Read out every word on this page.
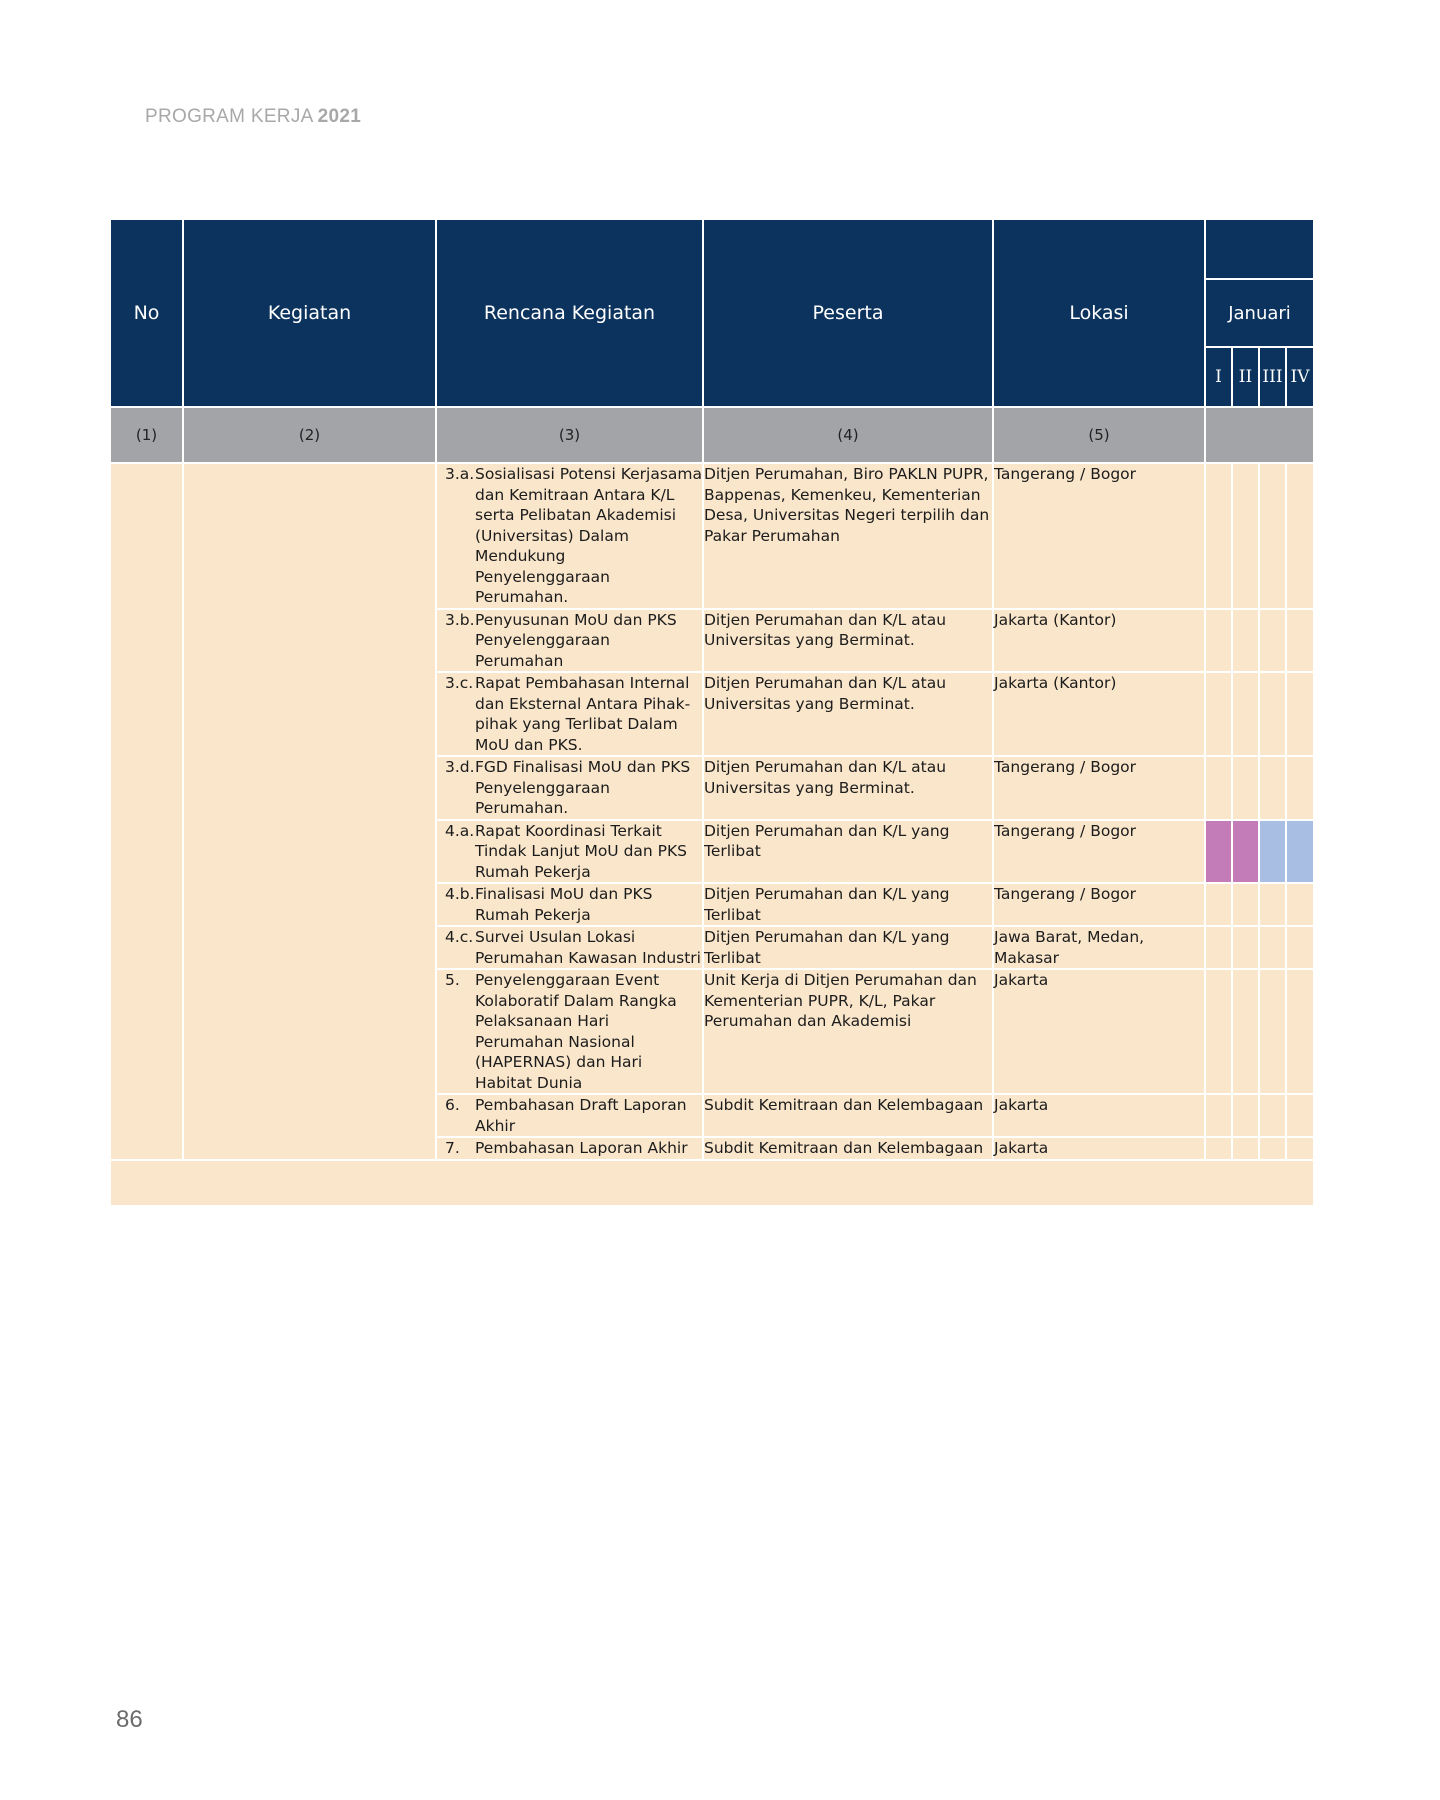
PROGRAM KERJA 2021
No	Kegiatan	Rencana Kegiatan	Peserta	Lokasi				
					Januari			
					I	II	III	IV
(1)	(2)	(3)	(4)	(5)				

		3.a. Sosialisasi Potensi Kerjasama dan Kemitraan Antara K/L serta Pelibatan Akademisi (Universitas) Dalam Mendukung Penyelenggaraan Perumahan.	Ditjen Perumahan, Biro PAKLN PUPR, Bappenas, Kemenkeu, Kementerian Desa, Universitas Negeri terpilih dan Pakar Perumahan	Tangerang / Bogor				

		3.b. Penyusunan MoU dan PKS Penyelenggaraan Perumahan	Ditjen Perumahan dan K/L atau Universitas yang Berminat.	Jakarta (Kantor)				

		3.c. Rapat Pembahasan Internal dan Eksternal Antara Pihak-pihak yang Terlibat Dalam MoU dan PKS.	Ditjen Perumahan dan K/L atau Universitas yang Berminat.	Jakarta (Kantor)				

		3.d. FGD Finalisasi MoU dan PKS Penyelenggaraan Perumahan.	Ditjen Perumahan dan K/L atau Universitas yang Berminat.	Tangerang / Bogor				

		4.a. Rapat Koordinasi Terkait Tindak Lanjut MoU dan PKS Rumah Pekerja	Ditjen Perumahan dan K/L yang Terlibat	Tangerang / Bogor				

		4.b. Finalisasi MoU dan PKS Rumah Pekerja	Ditjen Perumahan dan K/L yang Terlibat	Tangerang / Bogor				

		4.c. Survei Usulan Lokasi Perumahan Kawasan Industri	Ditjen Perumahan dan K/L yang Terlibat	Jawa Barat, Medan, Makasar				

		5. Penyelenggaraan Event Kolaboratif Dalam Rangka Pelaksanaan Hari Perumahan Nasional (HAPERNAS) dan Hari Habitat Dunia	Unit Kerja di Ditjen Perumahan dan Kementerian PUPR, K/L, Pakar Perumahan dan Akademisi	Jakarta				

		6. Pembahasan Draft Laporan Akhir	Subdit Kemitraan dan Kelembagaan	Jakarta				

		7. Pembahasan Laporan Akhir	Subdit Kemitraan dan Kelembagaan	Jakarta				

86
